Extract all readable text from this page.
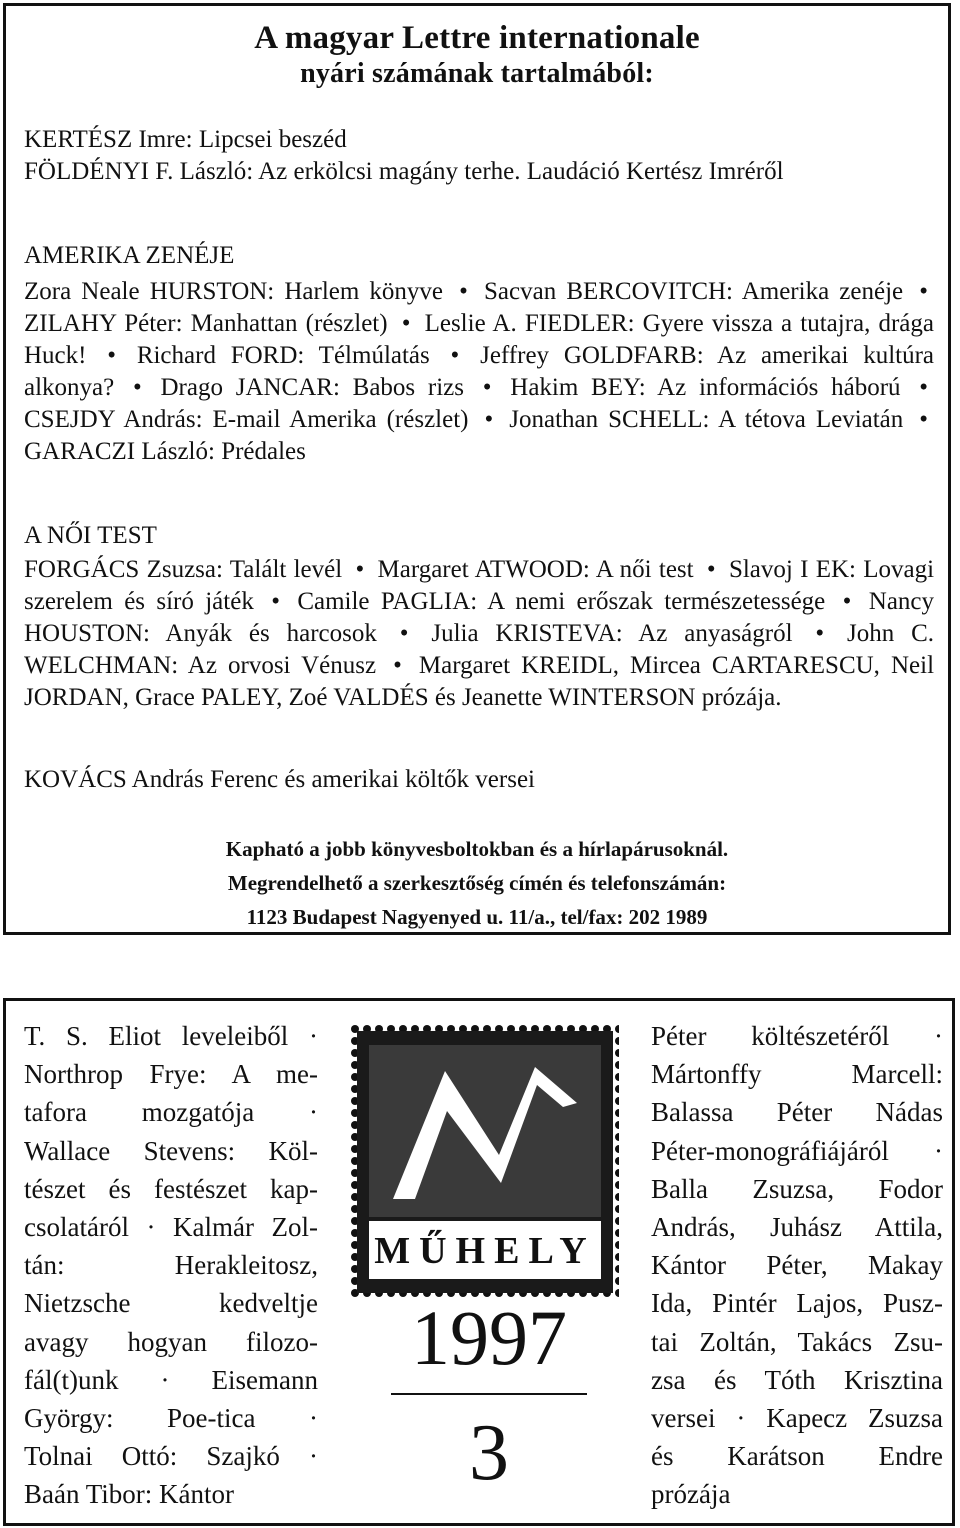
A magyar Lettre internationale
nyári számának tartalmából:
KERTÉSZ Imre: Lipcsei beszéd
FÖLDÉNYI F. László: Az erkölcsi magány terhe. Laudáció Kertész Imréről
AMERIKA ZENÉJE
Zora Neale HURSTON: Harlem könyve • Sacvan BERCOVITCH: Amerika zenéje • ZILAHY Péter: Manhattan (részlet) • Leslie A. FIEDLER: Gyere vissza a tutajra, drága Huck! • Richard FORD: Télmúlatás • Jeffrey GOLDFARB: Az amerikai kultúra alkonya? • Drago JANCAR: Babos rizs • Hakim BEY: Az információs háború • CSEJDY András: E-mail Amerika (részlet) • Jonathan SCHELL: A tétova Leviatán • GARACZI László: Prédales
A NŐI TEST
FORGÁCS Zsuzsa: Talált levél • Margaret ATWOOD: A női test • Slavoj I EK: Lovagi szerelem és síró játék • Camile PAGLIA: A nemi erőszak természetessége • Nancy HOUSTON: Anyák és harcosok • Julia KRISTEVA: Az anyaságról • John C. WELCHMAN: Az orvosi Vénusz • Margaret KREIDL, Mircea CARTARESCU, Neil JORDAN, Grace PALEY, Zoé VALDÉS és Jeanette WINTERSON prózája.
KOVÁCS András Ferenc és amerikai költők versei
Kapható a jobb könyvesboltokban és a hírlapárusoknál.
Megrendelhető a szerkesztőség címén és telefonszámán:
1123 Budapest Nagyenyed u. 11/a., tel/fax: 202 1989
T. S. Eliot leveleiből ·
Northrop Frye: A me-
tafora mozgatója ·
Wallace Stevens: Köl-
tészet és festészet kap-
csolatáról · Kalmár Zol-
tán: Herakleitosz,
Nietzsche kedveltje
avagy hogyan filozo-
fál(t)unk · Eisemann
György: Poe-tica ·
Tolnai Ottó: Szajkó ·
Baán Tibor: Kántor
MŰHELY
1997
3
Péter költészetéről ·
Mártonffy Marcell:
Balassa Péter Nádas
Péter-monográfiájáról ·
Balla Zsuzsa, Fodor
András, Juhász Attila,
Kántor Péter, Makay
Ida, Pintér Lajos, Pusz-
tai Zoltán, Takács Zsu-
zsa és Tóth Krisztina
versei · Kapecz Zsuzsa
és Karátson Endre
prózája
